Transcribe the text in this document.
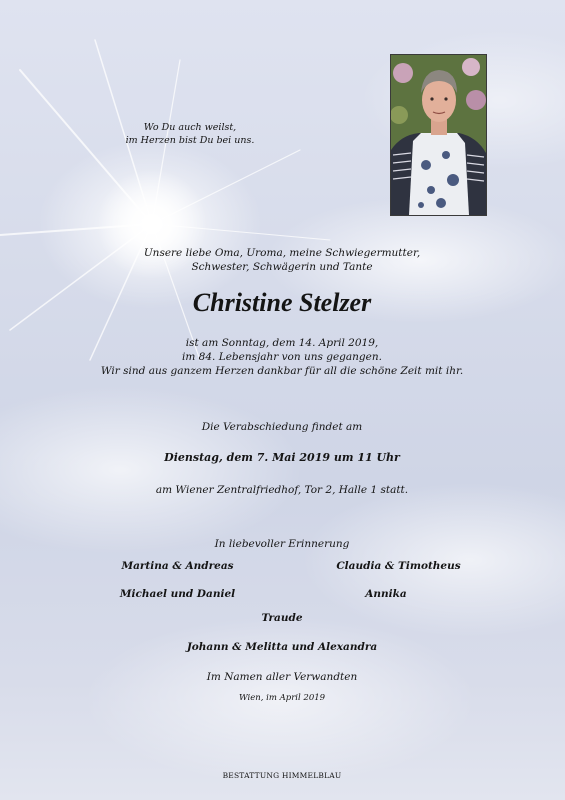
Wo Du auch weilst,
im Herzen bist Du bei uns.
Unsere liebe Oma, Uroma, meine Schwiegermutter,
Schwester, Schwägerin und Tante
Christine Stelzer
ist am Sonntag, dem 14. April 2019,
im 84. Lebensjahr von uns gegangen.
Wir sind aus ganzem Herzen dankbar für all die schöne Zeit mit ihr.
Die Verabschiedung findet am
Dienstag, dem 7. Mai 2019 um 11 Uhr
am Wiener Zentralfriedhof, Tor 2, Halle 1 statt.
In liebevoller Erinnerung
Martina & Andreas	Claudia & Timotheus
Michael und Daniel	Annika
Traude
Johann & Melitta und Alexandra
Im Namen aller Verwandten
Wien, im April 2019
BESTATTUNG HIMMELBLAU
